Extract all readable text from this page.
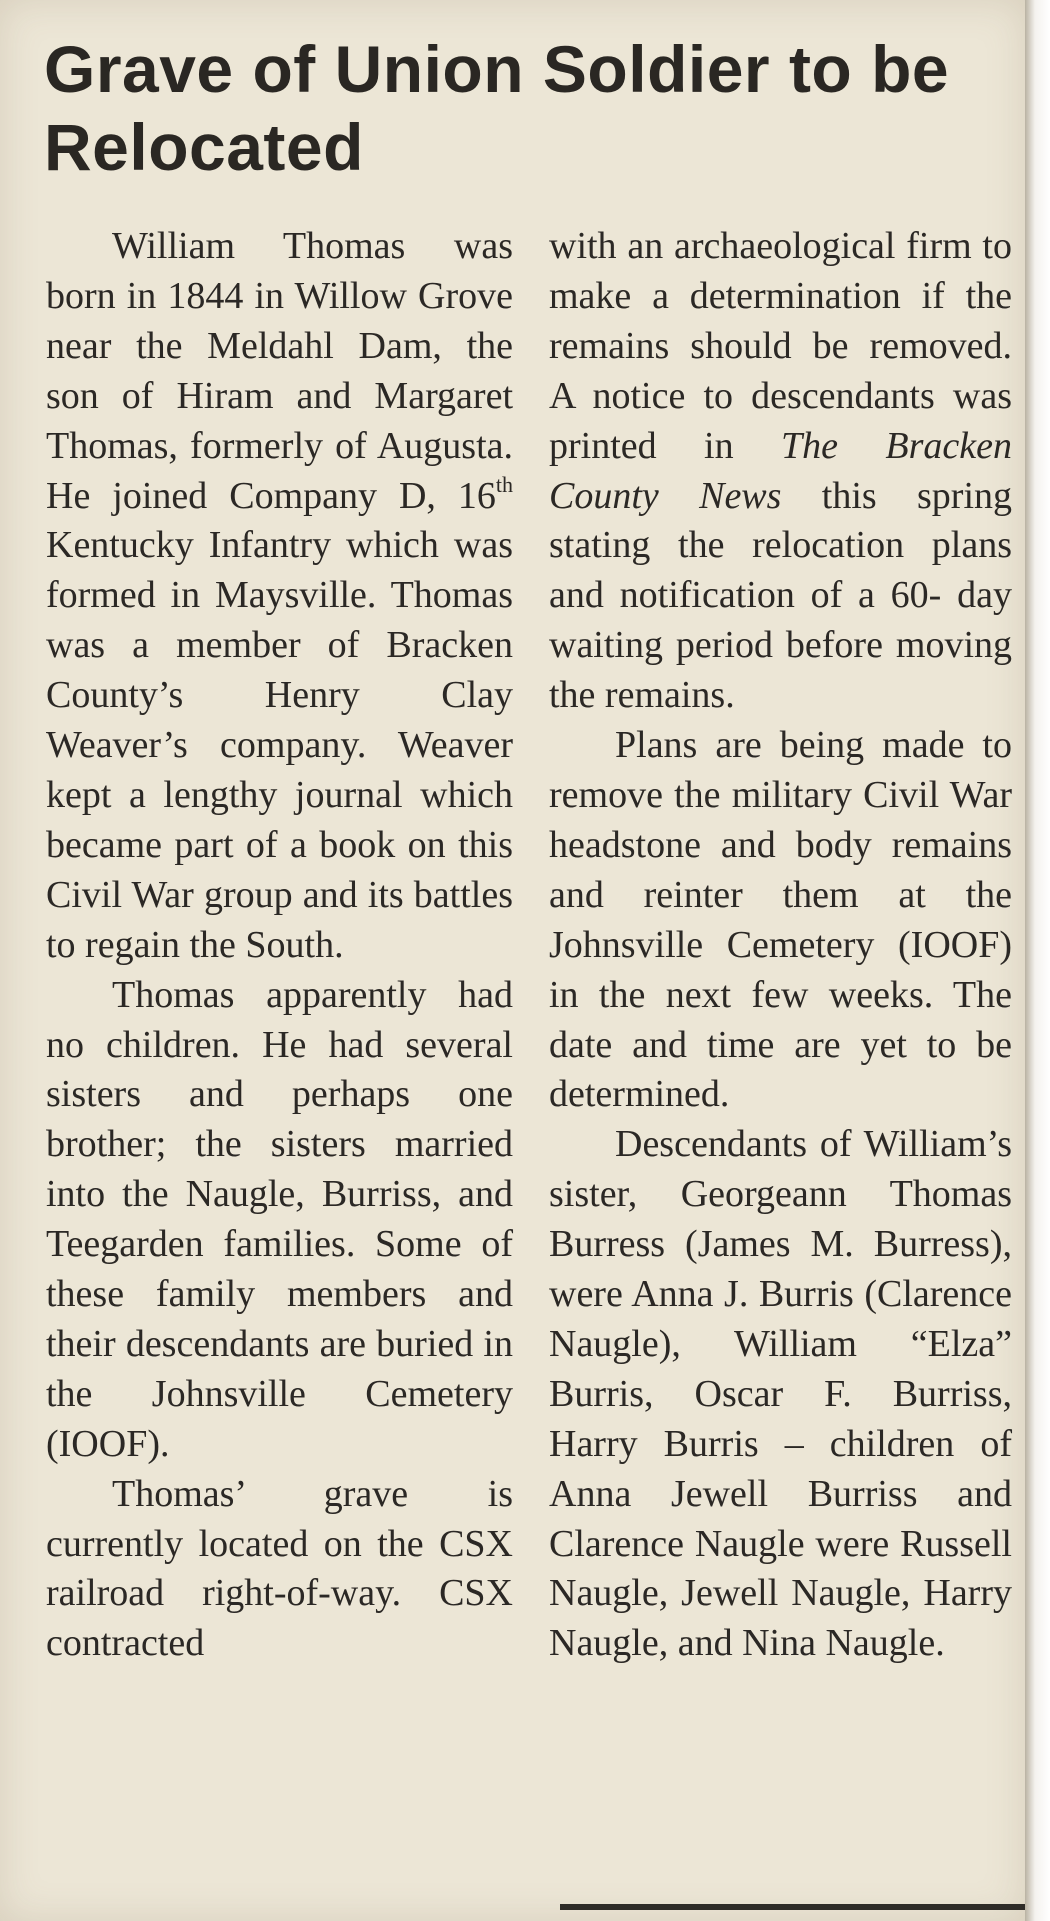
Grave of Union Soldier to be Relocated

William Thomas was born in 1844 in Willow Grove near the Meldahl Dam, the son of Hiram and Margaret Thomas, formerly of Augusta. He joined Company D, 16th Kentucky Infantry which was formed in Maysville. Thomas was a member of Bracken County’s Henry Clay Weaver’s company. Weaver kept a lengthy journal which became part of a book on this Civil War group and its battles to regain the South.

Thomas apparently had no children. He had several sisters and perhaps one brother; the sisters married into the Naugle, Burriss, and Teegarden families. Some of these family members and their descendants are buried in the Johnsville Cemetery (IOOF).

Thomas’ grave is currently located on the CSX railroad right-of-way. CSX contracted

with an archaeological firm to make a determination if the remains should be removed. A notice to descendants was printed in The Bracken County News this spring stating the relocation plans and notification of a 60- day waiting period before moving the remains.

Plans are being made to remove the military Civil War headstone and body remains and reinter them at the Johnsville Cemetery (IOOF) in the next few weeks. The date and time are yet to be determined.

Descendants of William’s sister, Georgeann Thomas Burress (James M. Burress), were Anna J. Burris (Clarence Naugle), William “Elza” Burris, Oscar F. Burriss, Harry Burris – children of Anna Jewell Burriss and Clarence Naugle were Russell Naugle, Jewell Naugle, Harry Naugle, and Nina Naugle.
